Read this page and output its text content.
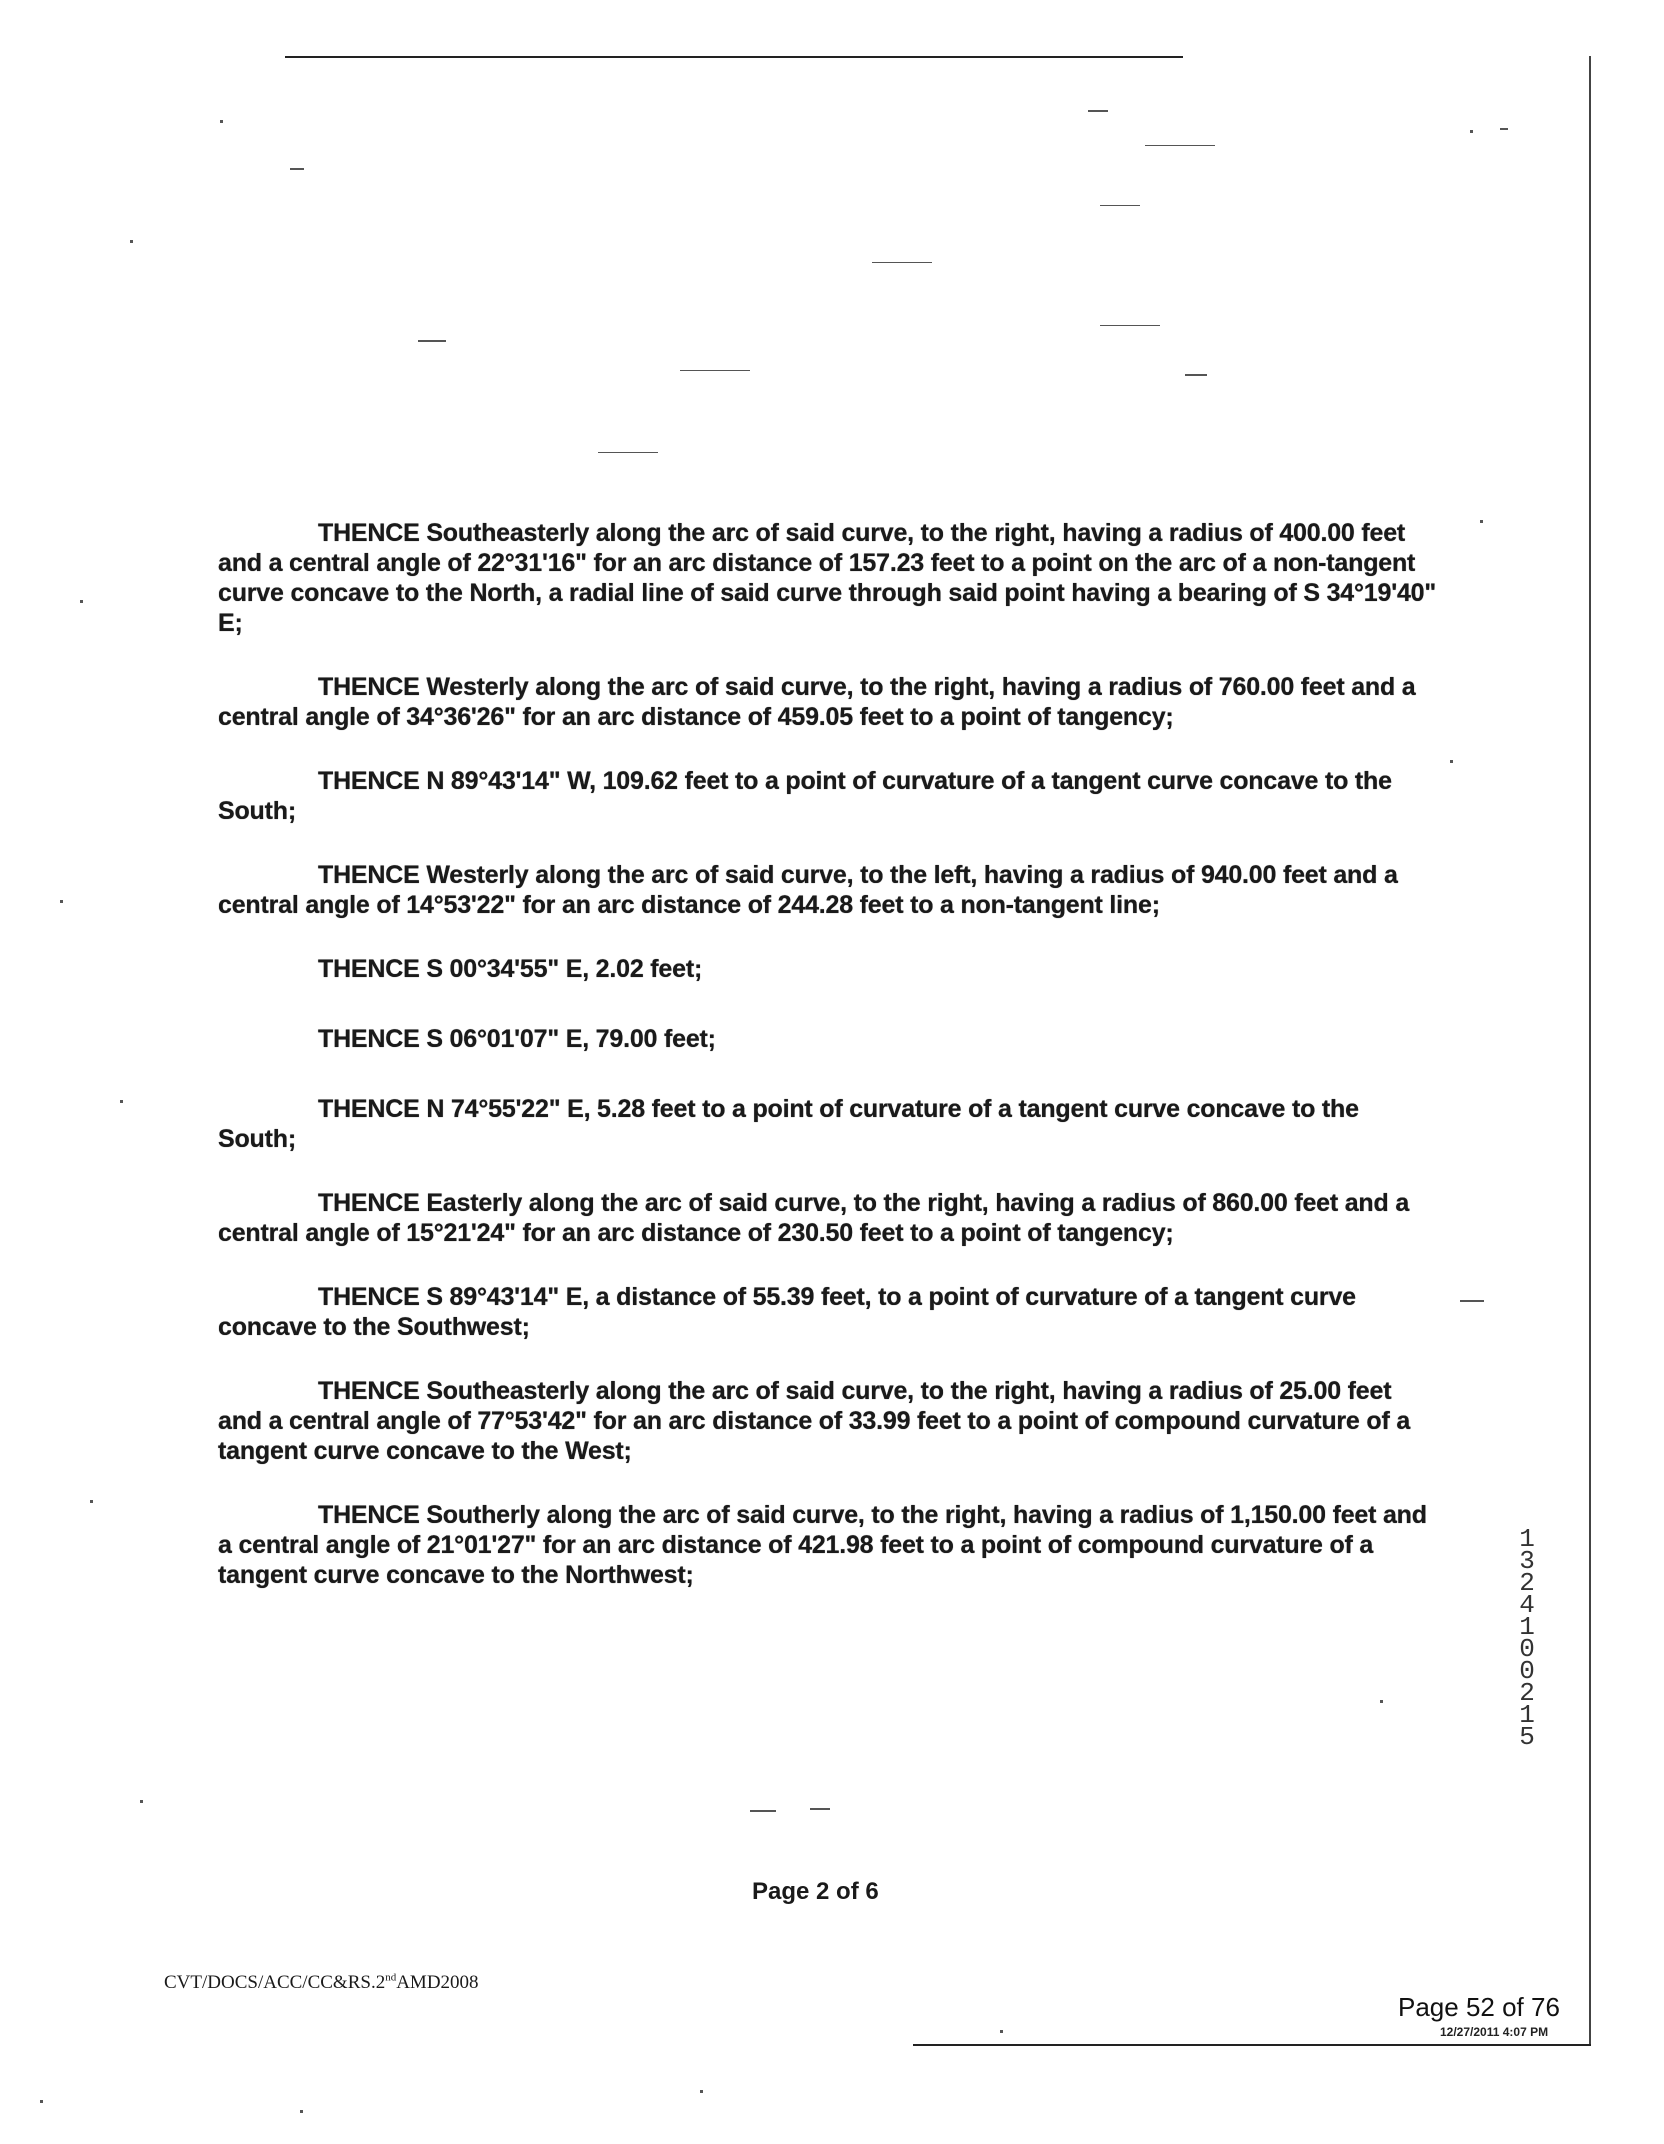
THENCE Southeasterly along the arc of said curve, to the right, having a radius of 400.00 feet and a central angle of 22°31'16" for an arc distance of 157.23 feet to a point on the arc of a non-tangent curve concave to the North, a radial line of said curve through said point having a bearing of S 34°19'40" E;

THENCE Westerly along the arc of said curve, to the right, having a radius of 760.00 feet and a central angle of 34°36'26" for an arc distance of 459.05 feet to a point of tangency;

THENCE N 89°43'14" W, 109.62 feet to a point of curvature of a tangent curve concave to the South;

THENCE Westerly along the arc of said curve, to the left, having a radius of 940.00 feet and a central angle of 14°53'22" for an arc distance of 244.28 feet to a non-tangent line;

THENCE S 00°34'55" E, 2.02 feet;

THENCE S 06°01'07" E, 79.00 feet;

THENCE N 74°55'22" E, 5.28 feet to a point of curvature of a tangent curve concave to the South;

THENCE Easterly along the arc of said curve, to the right, having a radius of 860.00 feet and a central angle of 15°21'24" for an arc distance of 230.50 feet to a point of tangency;

THENCE S 89°43'14" E, a distance of 55.39 feet, to a point of curvature of a tangent curve concave to the Southwest;

THENCE Southeasterly along the arc of said curve, to the right, having a radius of 25.00 feet and a central angle of 77°53'42" for an arc distance of 33.99 feet to a point of compound curvature of a tangent curve concave to the West;

THENCE Southerly along the arc of said curve, to the right, having a radius of 1,150.00 feet and a central angle of 21°01'27" for an arc distance of 421.98 feet to a point of compound curvature of a tangent curve concave to the Northwest;

Page 2 of 6
CVT/DOCS/ACC/CC&RS.2ndAMD2008
13241 00215
Page 52 of 76
12/27/2011 4:07 PM
